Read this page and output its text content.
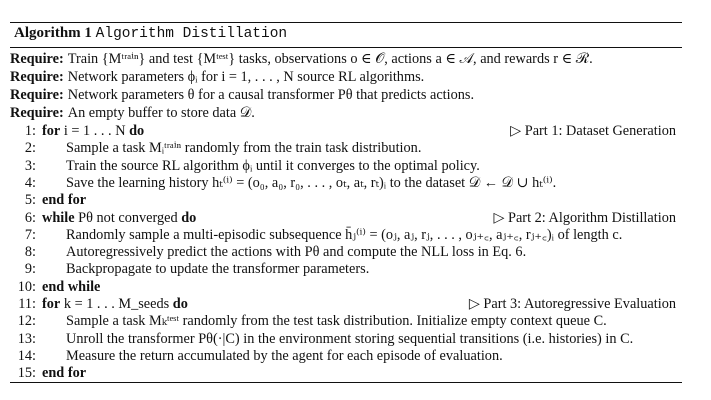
Algorithm 1 Algorithm Distillation
Require: Train {Mᵗʳᵃⁱⁿ} and test {Mᵗᵉˢᵗ} tasks, observations o ∈ 𝒪, actions a ∈ 𝒜, and rewards r ∈ ℛ.
Require: Network parameters ϕᵢ for i = 1, . . . , N source RL algorithms.
Require: Network parameters θ for a causal transformer Pθ that predicts actions.
Require: An empty buffer to store data 𝒟.
1: for i = 1 . . . N do	▷ Part 1: Dataset Generation
2: Sample a task Mᵢᵗʳᵃⁱⁿ randomly from the train task distribution.
3: Train the source RL algorithm ϕᵢ until it converges to the optimal policy.
4: Save the learning history hₜ⁽ⁱ⁾ = (o₀, a₀, r₀, . . . , oₜ, aₜ, rₜ)ᵢ to the dataset 𝒟 ← 𝒟 ∪ hₜ⁽ⁱ⁾.
5: end for
6: while Pθ not converged do	▷ Part 2: Algorithm Distillation
7: Randomly sample a multi-episodic subsequence h̄ⱼ⁽ⁱ⁾ = (oⱼ, aⱼ, rⱼ, . . . , oⱼ₊꜀, aⱼ₊꜀, rⱼ₊꜀)ᵢ of length c.
8: Autoregressively predict the actions with Pθ and compute the NLL loss in Eq. 6.
9: Backpropagate to update the transformer parameters.
10: end while
11: for k = 1 . . . M_seeds do	▷ Part 3: Autoregressive Evaluation
12: Sample a task Mₖᵗᵉˢᵗ randomly from the test task distribution. Initialize empty context queue C.
13: Unroll the transformer Pθ(·|C) in the environment storing sequential transitions (i.e. histories) in C.
14: Measure the return accumulated by the agent for each episode of evaluation.
15: end for
